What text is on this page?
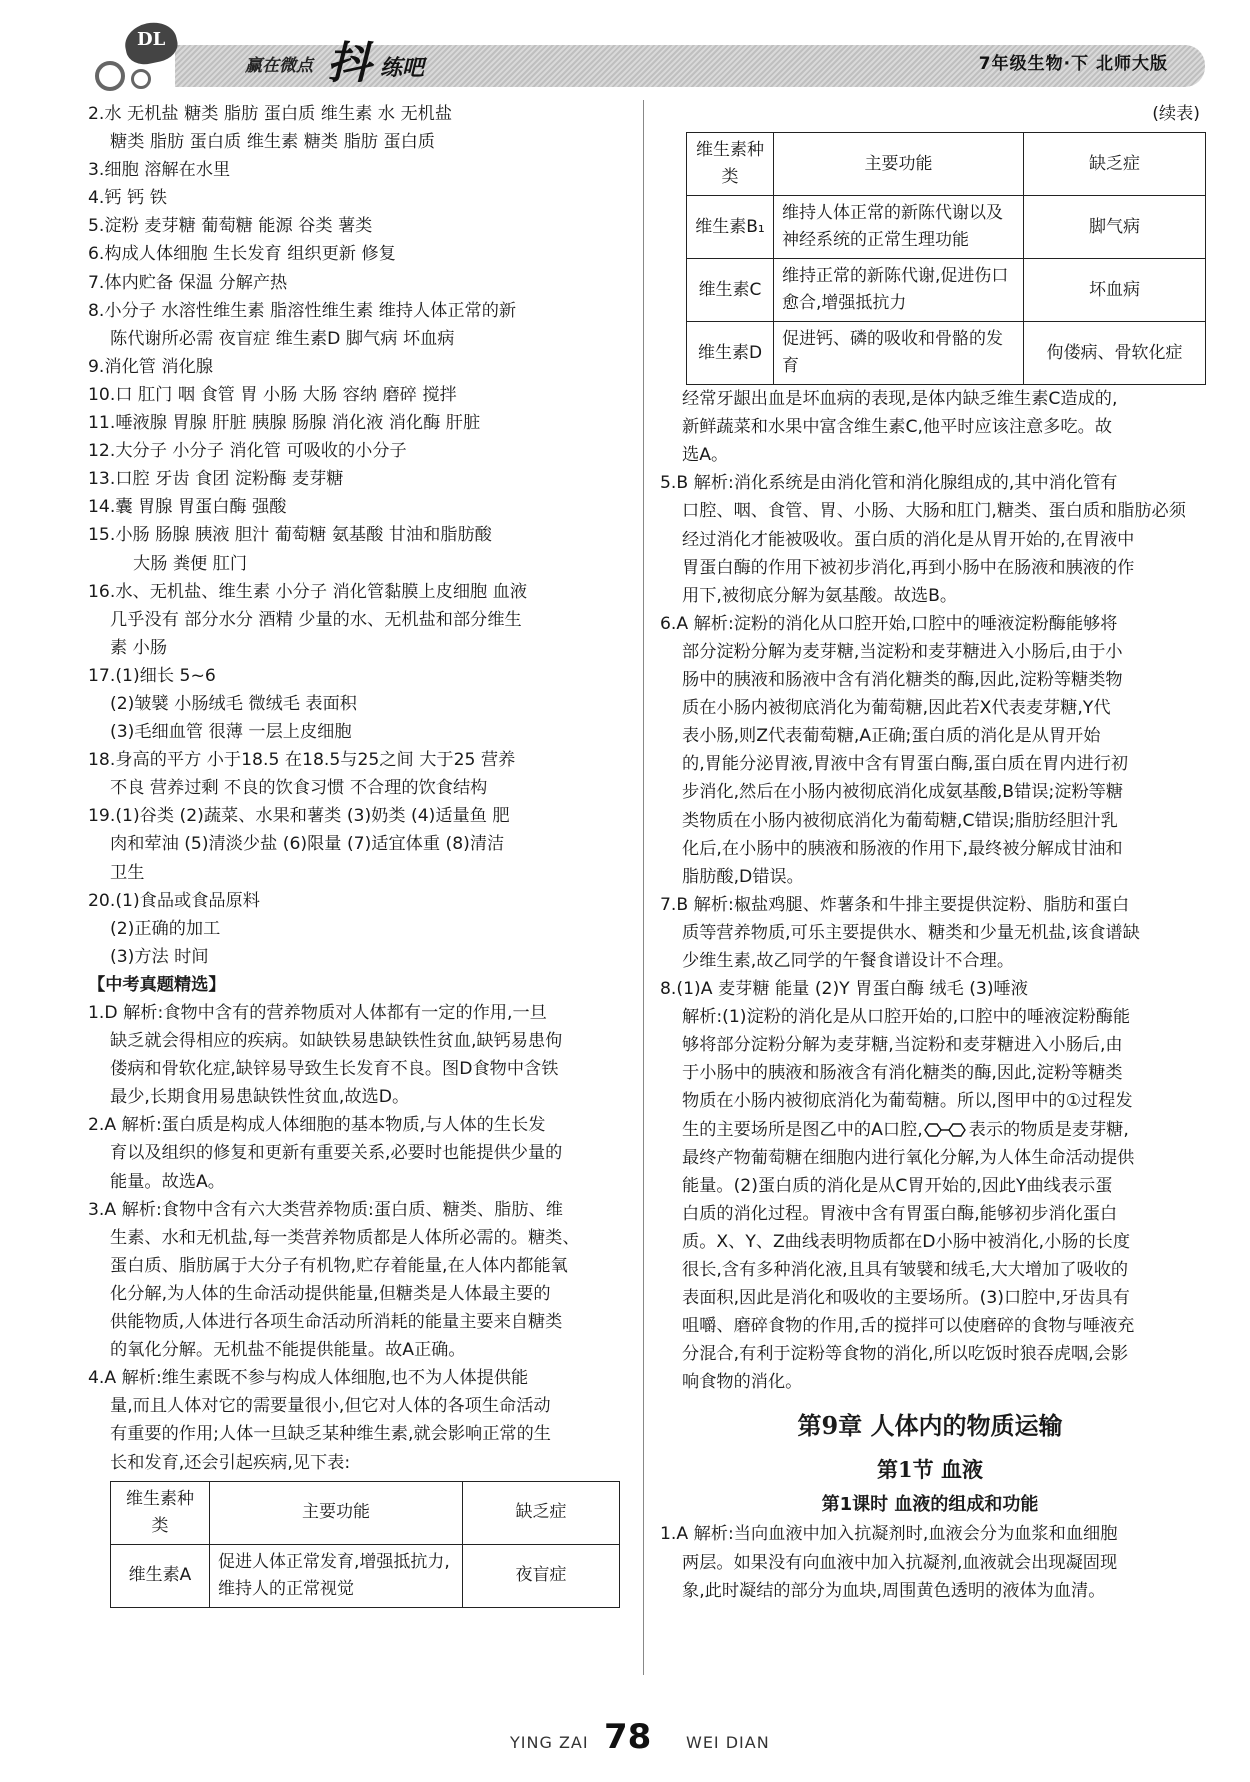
DL
赢在微点 抖 练吧	7年级生物·下 北师大版
2.水 无机盐 糖类 脂肪 蛋白质 维生素 水 无机盐
糖类 脂肪 蛋白质 维生素 糖类 脂肪 蛋白质
3.细胞 溶解在水里
4.钙 钙 铁
5.淀粉 麦芽糖 葡萄糖 能源 谷类 薯类
6.构成人体细胞 生长发育 组织更新 修复
7.体内贮备 保温 分解产热
8.小分子 水溶性维生素 脂溶性维生素 维持人体正常的新
陈代谢所必需 夜盲症 维生素D 脚气病 坏血病
9.消化管 消化腺
10.口 肛门 咽 食管 胃 小肠 大肠 容纳 磨碎 搅拌
11.唾液腺 胃腺 肝脏 胰腺 肠腺 消化液 消化酶 肝脏
12.大分子 小分子 消化管 可吸收的小分子
13.口腔 牙齿 食团 淀粉酶 麦芽糖
14.囊 胃腺 胃蛋白酶 强酸
15.小肠 肠腺 胰液 胆汁 葡萄糖 氨基酸 甘油和脂肪酸
大肠 粪便 肛门
16.水、无机盐、维生素 小分子 消化管黏膜上皮细胞 血液
几乎没有 部分水分 酒精 少量的水、无机盐和部分维生
素 小肠
17.(1)细长 5~6
(2)皱襞 小肠绒毛 微绒毛 表面积
(3)毛细血管 很薄 一层上皮细胞
18.身高的平方 小于18.5 在18.5与25之间 大于25 营养
不良 营养过剩 不良的饮食习惯 不合理的饮食结构
19.(1)谷类 (2)蔬菜、水果和薯类 (3)奶类 (4)适量鱼 肥
肉和荤油 (5)清淡少盐 (6)限量 (7)适宜体重 (8)清洁
卫生
20.(1)食品或食品原料
(2)正确的加工
(3)方法 时间
【中考真题精选】
1.D 解析:食物中含有的营养物质对人体都有一定的作用,一旦
缺乏就会得相应的疾病。如缺铁易患缺铁性贫血,缺钙易患佝
偻病和骨软化症,缺锌易导致生长发育不良。图D食物中含铁
最少,长期食用易患缺铁性贫血,故选D。
2.A 解析:蛋白质是构成人体细胞的基本物质,与人体的生长发
育以及组织的修复和更新有重要关系,必要时也能提供少量的
能量。故选A。
3.A 解析:食物中含有六大类营养物质:蛋白质、糖类、脂肪、维
生素、水和无机盐,每一类营养物质都是人体所必需的。糖类、
蛋白质、脂肪属于大分子有机物,贮存着能量,在人体内都能氧
化分解,为人体的生命活动提供能量,但糖类是人体最主要的
供能物质,人体进行各项生命活动所消耗的能量主要来自糖类
的氧化分解。无机盐不能提供能量。故A正确。
4.A 解析:维生素既不参与构成人体细胞,也不为人体提供能
量,而且人体对它的需要量很小,但它对人体的各项生命活动
有重要的作用;人体一旦缺乏某种维生素,就会影响正常的生
长和发育,还会引起疾病,见下表:
维生素种类	主要功能	缺乏症
维生素A	促进人体正常发育,增强抵抗力,维持人的正常视觉	夜盲症
(续表)
维生素种类	主要功能	缺乏症
维生素B₁	维持人体正常的新陈代谢以及神经系统的正常生理功能	脚气病
维生素C	维持正常的新陈代谢,促进伤口愈合,增强抵抗力	坏血病
维生素D	促进钙、磷的吸收和骨骼的发育	佝偻病、骨软化症
经常牙龈出血是坏血病的表现,是体内缺乏维生素C造成的,
新鲜蔬菜和水果中富含维生素C,他平时应该注意多吃。故
选A。
5.B 解析:消化系统是由消化管和消化腺组成的,其中消化管有
口腔、咽、食管、胃、小肠、大肠和肛门,糖类、蛋白质和脂肪必须
经过消化才能被吸收。蛋白质的消化是从胃开始的,在胃液中
胃蛋白酶的作用下被初步消化,再到小肠中在肠液和胰液的作
用下,被彻底分解为氨基酸。故选B。
6.A 解析:淀粉的消化从口腔开始,口腔中的唾液淀粉酶能够将
部分淀粉分解为麦芽糖,当淀粉和麦芽糖进入小肠后,由于小
肠中的胰液和肠液中含有消化糖类的酶,因此,淀粉等糖类物
质在小肠内被彻底消化为葡萄糖,因此若X代表麦芽糖,Y代
表小肠,则Z代表葡萄糖,A正确;蛋白质的消化是从胃开始
的,胃能分泌胃液,胃液中含有胃蛋白酶,蛋白质在胃内进行初
步消化,然后在小肠内被彻底消化成氨基酸,B错误;淀粉等糖
类物质在小肠内被彻底消化为葡萄糖,C错误;脂肪经胆汁乳
化后,在小肠中的胰液和肠液的作用下,最终被分解成甘油和
脂肪酸,D错误。
7.B 解析:椒盐鸡腿、炸薯条和牛排主要提供淀粉、脂肪和蛋白
质等营养物质,可乐主要提供水、糖类和少量无机盐,该食谱缺
少维生素,故乙同学的午餐食谱设计不合理。
8.(1)A 麦芽糖 能量 (2)Y 胃蛋白酶 绒毛 (3)唾液
解析:(1)淀粉的消化是从口腔开始的,口腔中的唾液淀粉酶能
够将部分淀粉分解为麦芽糖,当淀粉和麦芽糖进入小肠后,由
于小肠中的胰液和肠液含有消化糖类的酶,因此,淀粉等糖类
物质在小肠内被彻底消化为葡萄糖。所以,图甲中的①过程发
生的主要场所是图乙中的A口腔,	表示的物质是麦芽糖,
最终产物葡萄糖在细胞内进行氧化分解,为人体生命活动提供
能量。(2)蛋白质的消化是从C胃开始的,因此Y曲线表示蛋
白质的消化过程。胃液中含有胃蛋白酶,能够初步消化蛋白
质。X、Y、Z曲线表明物质都在D小肠中被消化,小肠的长度
很长,含有多种消化液,且具有皱襞和绒毛,大大增加了吸收的
表面积,因此是消化和吸收的主要场所。(3)口腔中,牙齿具有
咀嚼、磨碎食物的作用,舌的搅拌可以使磨碎的食物与唾液充
分混合,有利于淀粉等食物的消化,所以吃饭时狼吞虎咽,会影
响食物的消化。
第9章 人体内的物质运输
第1节 血液
第1课时 血液的组成和功能
1.A 解析:当向血液中加入抗凝剂时,血液会分为血浆和血细胞
两层。如果没有向血液中加入抗凝剂,血液就会出现凝固现
象,此时凝结的部分为血块,周围黄色透明的液体为血清。
YING ZAI 78 WEI DIAN
